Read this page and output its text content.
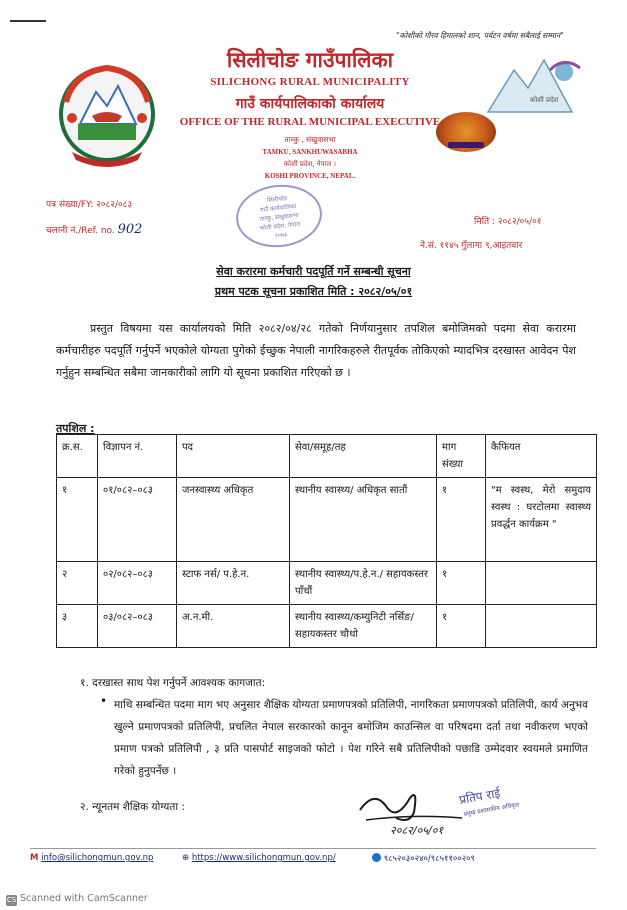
"कोशीको गौरव हिमालको शान, पर्यटन वर्षमा सबैलाई सम्मान"
कोशी प्रदेश
सिलीचोङ गाउँपालिका
SILICHONG RURAL MUNICIPALITY
गाउँ कार्यपालिकाको कार्यालय
OFFICE OF THE RURAL MUNICIPAL EXECUTIVE
ताम्कु , संखुवासभा
TAMKU, SANKHUWASABHA
कोशी प्रदेश, नेपाल ।
KOSHI PROVINCE, NEPAL.
सिलीचोङ
गाउँ कार्यपालिका
ताम्कु, संखुवासभा
कोशी प्रदेश, नेपाल
२०७३
पत्र संख्या/FY: २०८२/०८३
चलानी नं./Ref. no. 902	मिति : २०८२/०५/०१
ने.सं. ११४५ गुँलागा ९,आइतवार
सेवा करारमा कर्मचारी पदपूर्ति गर्ने सम्बन्धी सूचना
प्रथम पटक सूचना प्रकाशित मिति : २०८२/०५/०१
प्रस्तुत विषयमा यस कार्यालयको मिति २०८२/०४/२८ गतेको निर्णयानुसार तपशिल बमोजिमको पदमा सेवा करारमा कर्मचारीहरु पदपूर्ति गर्नुपर्ने भएकोले योग्यता पुगेको ईच्छुक नेपाली नागरिकहरुले रीतपूर्वक तोकिएको म्यादभित्र दरखास्त आवेदन पेश गर्नुहुन सम्बन्धित सबैमा जानकारीको लागि यो सूचना प्रकाशित गरिएको छ ।
तपशिल :
क्र.स.	विज्ञापन नं.	पद	सेवा/समूह/तह	माग संख्या	कैफियत
१	०१/०८२–०८३	जनस्वास्थ्य अधिकृत	स्थानीय स्वास्थ्य/ अधिकृत सातौं	१	"म स्वस्थ, मेरो समुदाय स्वस्थ : घरटोलमा स्वास्थ्य प्रवर्द्धन कार्यक्रम "
२	०२/०८२–०८३	स्टाफ नर्स/ प.हे.न.	स्थानीय स्वास्थ्य/प.हे.न./ सहायकस्तर पाँचौं	१	
३	०३/०८२–०८३	अ.न.मी.	स्थानीय स्वास्थ्य/कम्युनिटी नर्सिङ/सहायकस्तर चौथो	१	
१. दरखास्त साथ पेश गर्नुपर्ने आवश्यक कागजात:
• माथि सम्बन्धित पदमा माग भए अनुसार शैक्षिक योग्यता प्रमाणपत्रको प्रतिलिपी, नागरिकता प्रमाणपत्रको प्रतिलिपी, कार्य अनुभव खुल्ने प्रमाणपत्रको प्रतिलिपी, प्रचलित नेपाल सरकारको कानून बमोजिम काउन्सिल वा परिषदमा दर्ता तथा नवीकरण भएको प्रमाण पत्रको प्रतिलिपी , ३ प्रति पासपोर्ट साइजको फोटो । पेश गरिने सबै प्रतिलिपीको पछाडि उम्मेदवार स्वयमले प्रमाणित गरेको हुनुपर्नेछ ।
२. न्यूनतम शैक्षिक योग्यता :
प्रतिप राई
प्रमुख प्रशासकीय अधिकृत
२०८२/०५/०१
M info@silichongmun.gov.np	⊕ https://www.silichongmun.gov.np/	९८५२०३०२४०/९८५११००२०९
CS Scanned with CamScanner
